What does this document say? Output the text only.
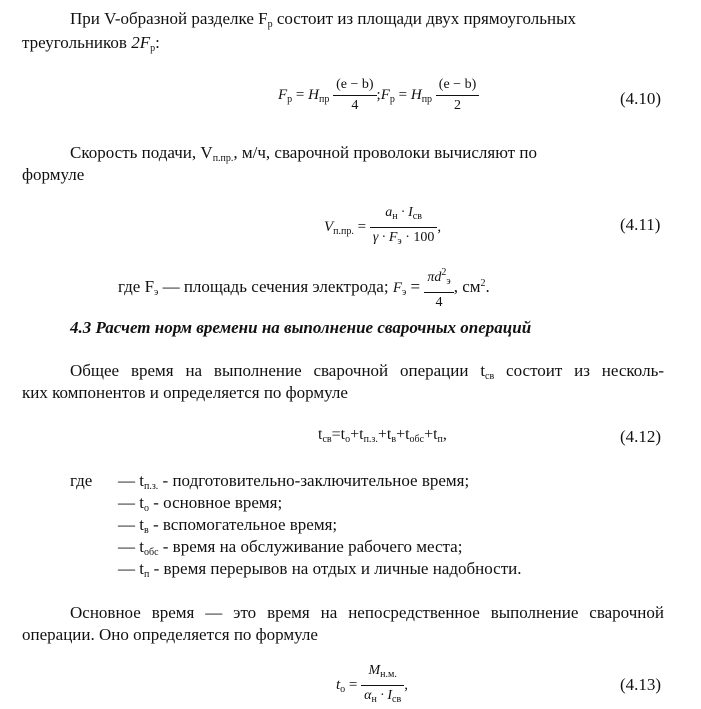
При V-образной разделке Fр состоит из площади двух прямоугольных
треугольников 2Fр:
$F_р = H_{пр} \frac{(e - b)}{4}$ $;F_р = H_{пр} \frac{(e - b)}{2}$	(4.10)
Скорость подачи, Vп.пр., м/ч, сварочной проволоки вычисляют по
формуле
$V_{п.пр.} = \frac{a_н \cdot I_{св}}{\gamma \cdot F_э \cdot 100}$ ,	(4.11)
где Fэ — площадь сечения электрода; Fэ = $\frac{\pi d^2_э}{4}$ , $см^2$.
4.3 Расчет норм времени на выполнение сварочных операций
Общее время на выполнение сварочной операции tсв состоит из несколь-
ких компонентов и определяется по формуле
tсв=tо+tп.з.+tв+tобс+tп,	(4.12)
где — tп.з. - подготовительно-заключительное время;
— tо - основное время;
— tв - вспомогательное время;
— tобс - время на обслуживание рабочего места;
— tп - время перерывов на отдых и личные надобности.
Основное время — это время на непосредственное выполнение сварочной
операции. Оно определяется по формуле
$t_о = \frac{M_{н.м.}}{\alpha_н \cdot I_{св}}$ ,	(4.13)
